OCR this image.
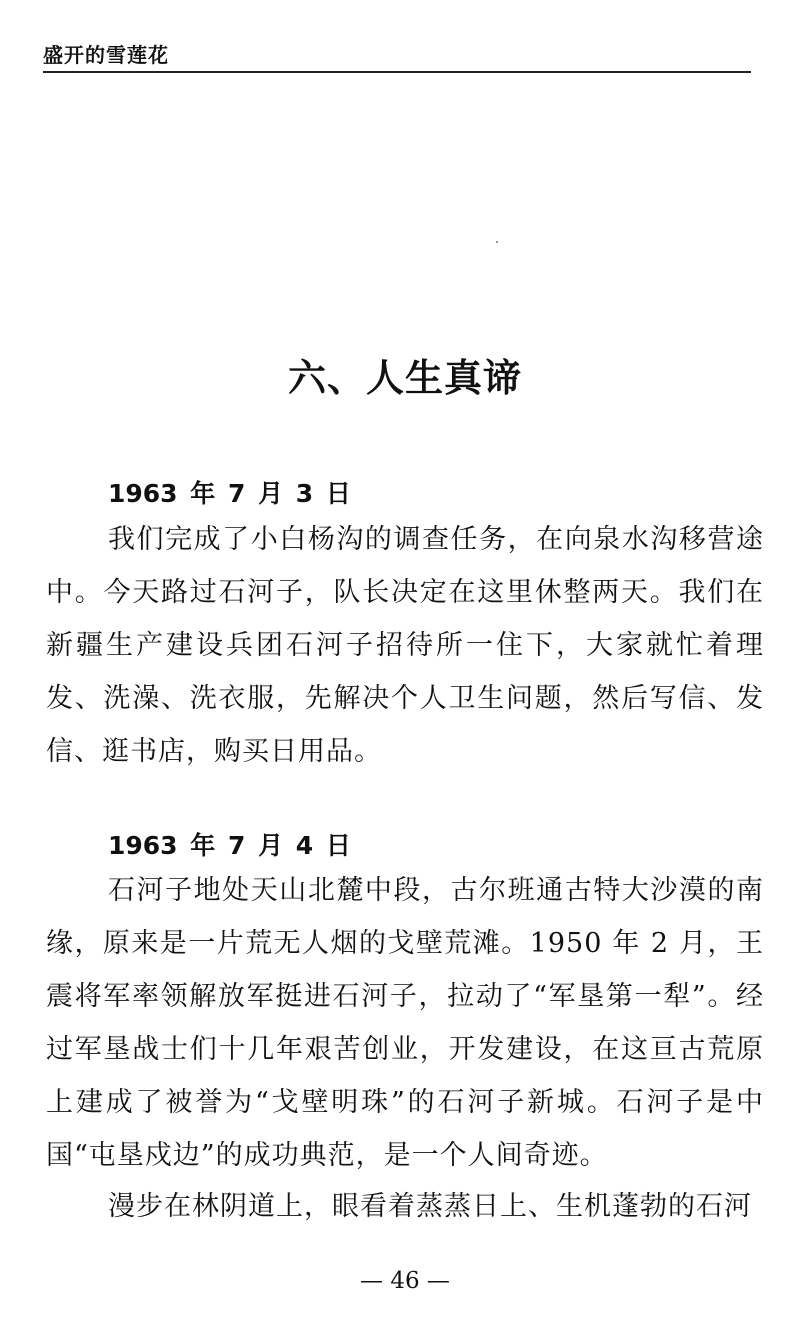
盛开的雪莲花
六、人生真谛
1963 年 7 月 3 日

我们完成了小白杨沟的调查任务，在向泉水沟移营途中。今天路过石河子，队长决定在这里休整两天。我们在新疆生产建设兵团石河子招待所一住下，大家就忙着理发、洗澡、洗衣服，先解决个人卫生问题，然后写信、发信、逛书店，购买日用品。

1963 年 7 月 4 日

石河子地处天山北麓中段，古尔班通古特大沙漠的南缘，原来是一片荒无人烟的戈壁荒滩。1950 年 2 月，王震将军率领解放军挺进石河子，拉动了“军垦第一犁”。经过军垦战士们十几年艰苦创业，开发建设，在这亘古荒原上建成了被誉为“戈壁明珠”的石河子新城。石河子是中国“屯垦戍边”的成功典范，是一个人间奇迹。

漫步在林阴道上，眼看着蒸蒸日上、生机蓬勃的石河

— 46 —
